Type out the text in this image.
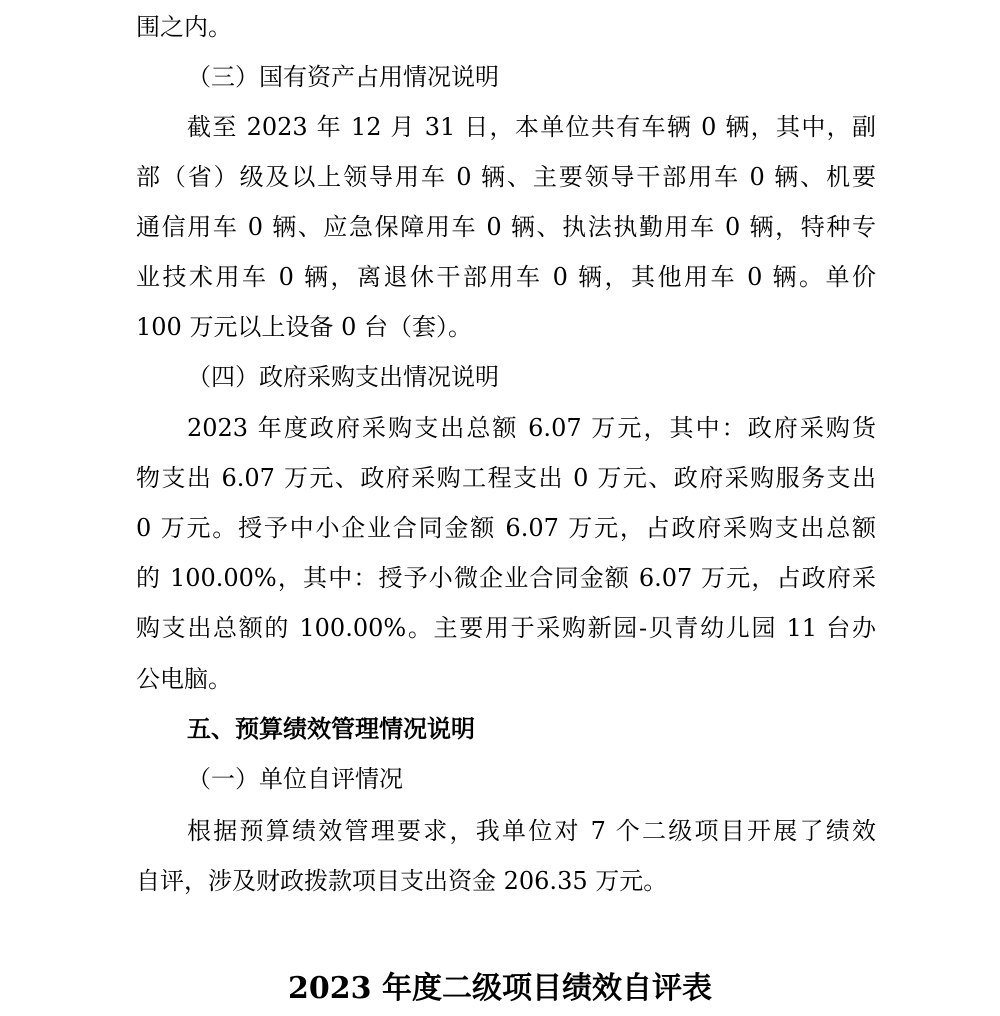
围之内。
（三）国有资产占用情况说明
截至 2023 年 12 月 31 日，本单位共有车辆 0 辆，其中，副
部（省）级及以上领导用车 0 辆、主要领导干部用车 0 辆、机要
通信用车 0 辆、应急保障用车 0 辆、执法执勤用车 0 辆，特种专
业技术用车 0 辆，离退休干部用车 0 辆，其他用车 0 辆。单价
100 万元以上设备 0 台（套）。
（四）政府采购支出情况说明
2023 年度政府采购支出总额 6.07 万元，其中：政府采购货
物支出 6.07 万元、政府采购工程支出 0 万元、政府采购服务支出
0 万元。授予中小企业合同金额 6.07 万元，占政府采购支出总额
的 100.00%，其中：授予小微企业合同金额 6.07 万元，占政府采
购支出总额的 100.00%。主要用于采购新园-贝青幼儿园 11 台办
公电脑。
五、预算绩效管理情况说明
（一）单位自评情况
根据预算绩效管理要求，我单位对 7 个二级项目开展了绩效
自评，涉及财政拨款项目支出资金 206.35 万元。
2023 年度二级项目绩效自评表
